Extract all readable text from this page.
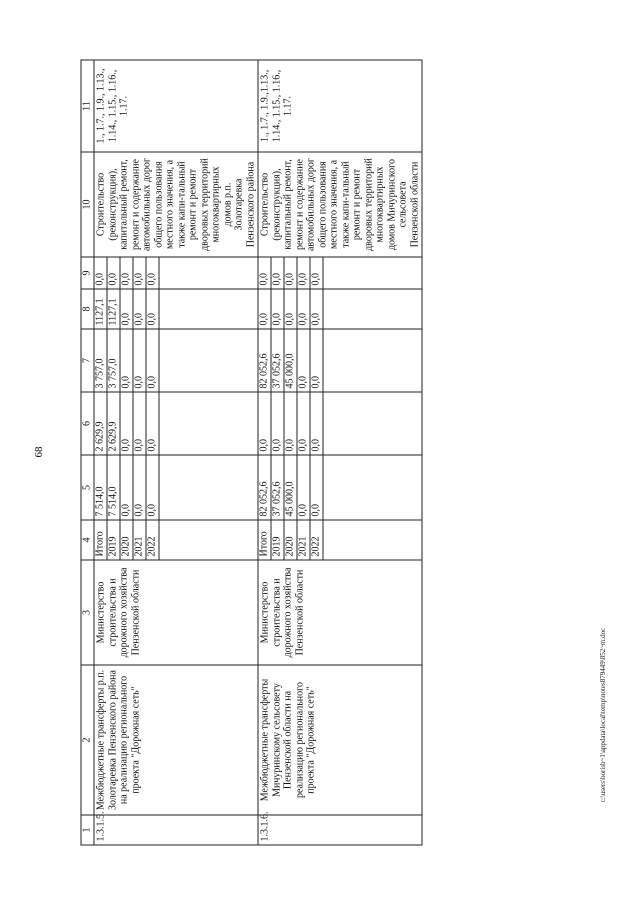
68
1	2	3	4	5	6	7	8	9	10	11
1.3.1.5.	Межбюджетные трансферты р.п. Золотаревка Пензенского района на реализацию регионального проекта "Дорожная сеть"	Министерство строительства и дорожного хозяйства Пензенской области	Итого	7 514,0	2 629,9	3 757,0	1127,1	0,0	Строительство (реконструкция), капитальный ремонт, ремонт и содержание автомобильных дорог общего пользования местного значения, а также капи-тальный ремонт и ремонт дворовых территорий многоквартирных домов р.п. Золотаревка Пензенского района	1., 1.7., 1.9., 1.13., 1.14., 1.15., 1.16., 1.17.
			2019	7 514,0	2 629,9	3 757,0	1127,1	0,0		
			2020	0,0	0,0	0,0	0,0	0,0		
			2021	0,0	0,0	0,0	0,0	0,0		
			2022	0,0	0,0	0,0	0,0	0,0		

1.3.1.6.	Межбюджетные трансферты Мичуринскому сельсовету Пензенской области на реализацию регионального проекта "Дорожная сеть"	Министерство строительства и дорожного хозяйства Пензенской области	Итого	82 052,6	0,0	82 052,6	0,0	0,0	Строительство (реконструкция), капитальный ремонт, ремонт и содержание автомобильных дорог общего пользования местного значения, а также капи-тальный ремонт и ремонт дворовых территорий многоквартирных домов Мичуринского сельсовета Пензенской области	1., 1.7., 1.9.,1.13., 1.14., 1.15., 1.16., 1.17.
			2019	37 052,6	0,0	37 052,6	0,0	0,0		
			2020	45 000,0	0,0	45 000,0	0,0	0,0		
			2021	0,0	0,0	0,0	0,0	0,0		
			2022	0,0	0,0	0,0	0,0	0,0		

c:\users\borisb~1\appdata\local\temp\notes879449\852~m.doc
